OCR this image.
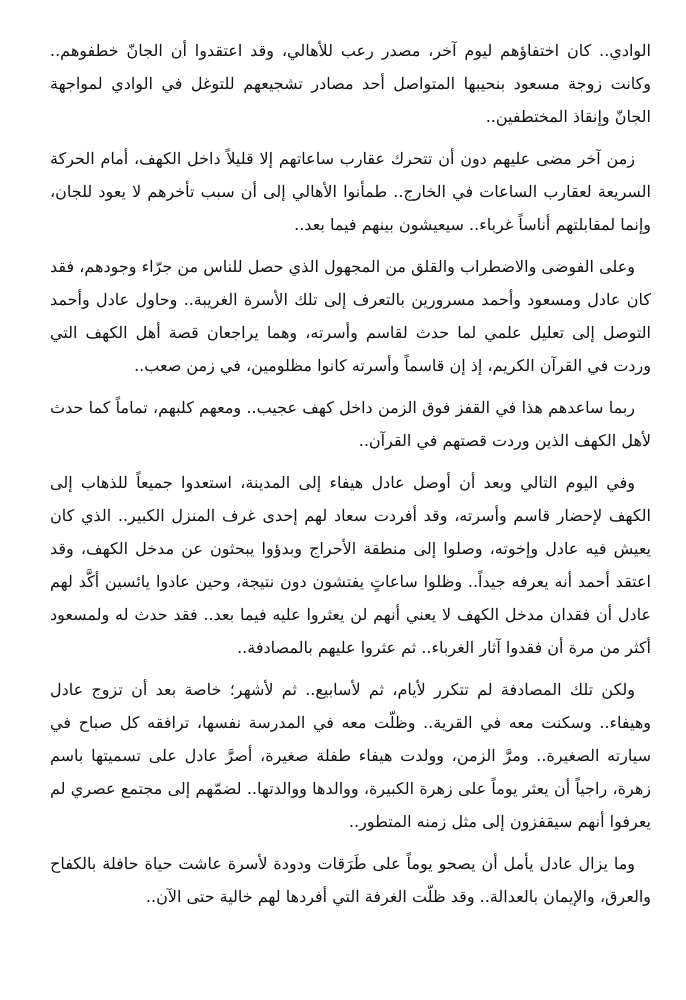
الوادي.. كان اختفاؤهم ليوم آخر، مصدر رعب للأهالي، وقد اعتقدوا أن الجانّ خطفوهم.. وكانت زوجة مسعود بنحيبها المتواصل أحد مصادر تشجيعهم للتوغل في الوادي لمواجهة الجانّ وإنقاذ المختطفين..

زمن آخر مضى عليهم دون أن تتحرك عقارب ساعاتهم إلا قليلاً داخل الكهف، أمام الحركة السريعة لعقارب الساعات في الخارج.. طمأنوا الأهالي إلى أن سبب تأخرهم لا يعود للجان، وإنما لمقابلتهم أناساً غرباء.. سيعيشون بينهم فيما بعد..

وعلى الفوضى والاضطراب والقلق من المجهول الذي حصل للناس من جرّاء وجودهم، فقد كان عادل ومسعود وأحمد مسرورين بالتعرف إلى تلك الأسرة الغريبة.. وحاول عادل وأحمد التوصل إلى تعليل علمي لما حدث لقاسم وأسرته، وهما يراجعان قصة أهل الكهف التي وردت في القرآن الكريم، إذ إن قاسماً وأسرته كانوا مظلومين، في زمن صعب..

ربما ساعدهم هذا في القفز فوق الزمن داخل كهف عجيب.. ومعهم كلبهم، تماماً كما حدث لأهل الكهف الذين وردت قصتهم في القرآن..

وفي اليوم التالي وبعد أن أوصل عادل هيفاء إلى المدينة، استعدوا جميعاً للذهاب إلى الكهف لإحضار قاسم وأسرته، وقد أفردت سعاد لهم إحدى غرف المنزل الكبير.. الذي كان يعيش فيه عادل وإخوته، وصلوا إلى منطقة الأحراج وبدؤوا يبحثون عن مدخل الكهف، وقد اعتقد أحمد أنه يعرفه جيداً.. وظلوا ساعاتٍ يفتشون دون نتيجة، وحين عادوا يائسين أكَّد لهم عادل أن فقدان مدخل الكهف لا يعني أنهم لن يعثروا عليه فيما بعد.. فقد حدث له ولمسعود أكثر من مرة أن فقدوا آثار الغرباء.. ثم عثروا عليهم بالمصادفة..

ولكن تلك المصادفة لم تتكرر لأيام، ثم لأسابيع.. ثم لأشهر؛ خاصة بعد أن تزوج عادل وهيفاء.. وسكنت معه في القرية.. وظلّت معه في المدرسة نفسها، ترافقه كل صباح في سيارته الصغيرة.. ومرَّ الزمن، وولدت هيفاء طفلة صغيرة، أصرَّ عادل على تسميتها باسم زهرة، راجياً أن يعثر يوماً على زهرة الكبيرة، ووالدها ووالدتها.. لضمّهم إلى مجتمع عصري لم يعرفوا أنهم سيقفزون إلى مثل زمنه المتطور..

وما يزال عادل يأمل أن يصحو يوماً على طَرَقات ودودة لأسرة عاشت حياة حافلة بالكفاح والعرق، والإيمان بالعدالة.. وقد ظلّت الغرفة التي أفردها لهم خالية حتى الآن..
